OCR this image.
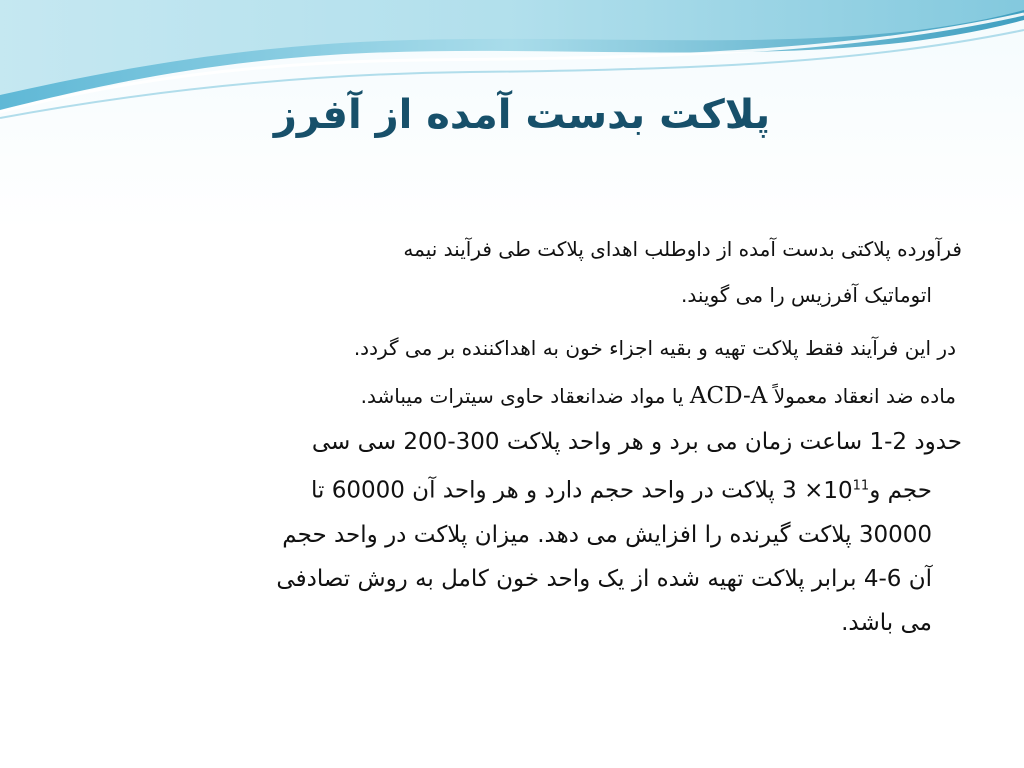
پلاکت بدست آمده از آفرز
فرآورده پلاکتی بدست آمده از داوطلب اهدای پلاکت طی فرآیند نیمه
اتوماتیک آفرزیس را می گویند.
در این فرآیند فقط پلاکت تهیه و بقیه اجزاء خون به اهداکننده بر می گردد.
ماده ضد انعقاد معمولاً ACD-A یا مواد ضدانعقاد حاوی سیترات میباشد.
حدود 2-1 ساعت زمان می برد و هر واحد پلاکت 300-200 سی سی
حجم $و10^{11}\times 3$ پلاکت در واحد حجم دارد و هر واحد آن 60000 تا
30000 پلاکت گیرنده را افزایش می دهد. میزان پلاکت در واحد حجم
آن 6-4 برابر پلاکت تهیه شده از یک واحد خون کامل به روش تصادفی
می باشد.
